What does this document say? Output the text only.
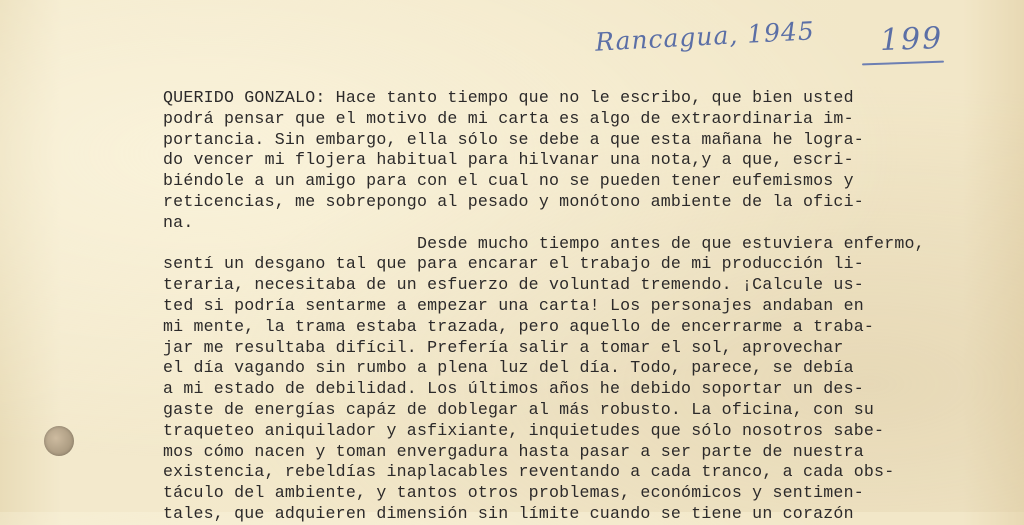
Rancagua, 1945 199
QUERIDO GONZALO: Hace tanto tiempo que no le escribo, que bien usted
podrá pensar que el motivo de mi carta es algo de extraordinaria im-
portancia. Sin embargo, ella sólo se debe a que esta mañana he logra-
do vencer mi flojera habitual para hilvanar una nota,y a que, escri-
biéndole a un amigo para con el cual no se pueden tener eufemismos y
reticencias, me sobrepongo al pesado y monótono ambiente de la ofici-
na.
Desde mucho tiempo antes de que estuviera enfermo,
sentí un desgano tal que para encarar el trabajo de mi producción li-
teraria, necesitaba de un esfuerzo de voluntad tremendo. ¡Calcule us-
ted si podría sentarme a empezar una carta! Los personajes andaban en
mi mente, la trama estaba trazada, pero aquello de encerrarme a traba-
jar me resultaba difícil. Prefería salir a tomar el sol, aprovechar
el día vagando sin rumbo a plena luz del día. Todo, parece, se debía
a mi estado de debilidad. Los últimos años he debido soportar un des-
gaste de energías capáz de doblegar al más robusto. La oficina, con su
traqueteo aniquilador y asfixiante, inquietudes que sólo nosotros sabe-
mos cómo nacen y toman envergadura hasta pasar a ser parte de nuestra
existencia, rebeldías inaplacables reventando a cada tranco, a cada obs-
táculo del ambiente, y tantos otros problemas, económicos y sentimen-
tales, que adquieren dimensión sin límite cuando se tiene un corazón
